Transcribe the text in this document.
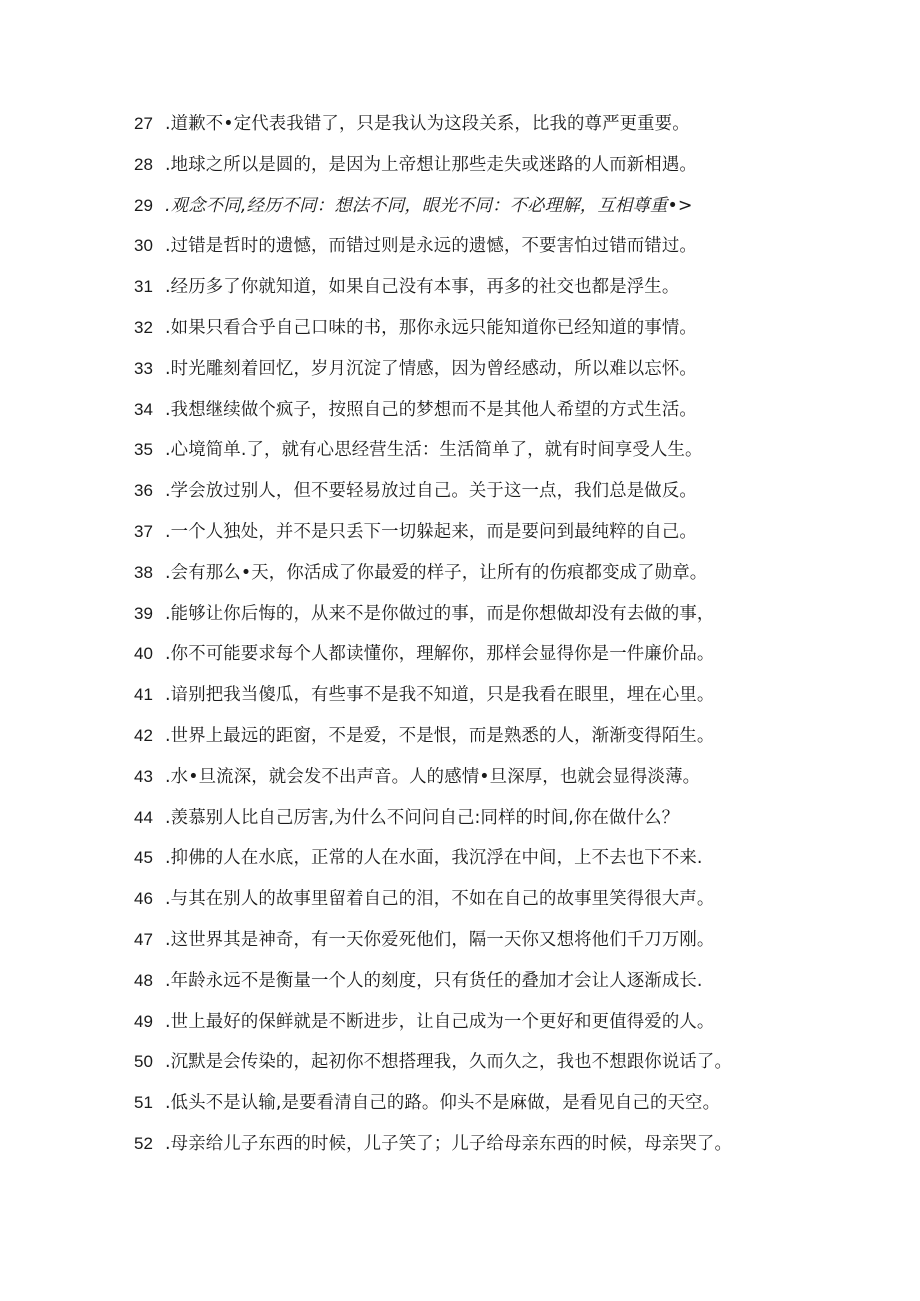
27 .道歉不•定代表我错了，只是我认为这段关系，比我的尊严更重要。
28 .地球之所以是圆的，是因为上帝想让那些走失或迷路的人而新相遇。
29 .观念不同,经历不同：想法不同，眼光不同：不必理解，互相尊重•>
30 .过错是哲时的遗憾，而错过则是永远的遗憾，不要害怕过错而错过。
31 .经历多了你就知道，如果自己没有本事，再多的社交也都是浮生。
32 .如果只看合乎自己口味的书，那你永远只能知道你已经知道的事情。
33 .时光雕刻着回忆，岁月沉淀了情感，因为曾经感动，所以难以忘怀。
34 .我想继续做个疯子，按照自己的梦想而不是其他人希望的方式生活。
35 .心境简单.了，就有心思经营生活：生活简单了，就有时间享受人生。
36 .学会放过别人，但不要轻易放过自己。关于这一点，我们总是做反。
37 .一个人独处，并不是只丢下一切躲起来，而是要问到最纯粹的自己。
38 .会有那么•天，你活成了你最爱的样子，让所有的伤痕都变成了勋章。
39 .能够让你后悔的，从来不是你做过的事，而是你想做却没有去做的事，
40 .你不可能要求每个人都读懂你，理解你，那样会显得你是一件廉价品。
41 .谙别把我当傻瓜，有些事不是我不知道，只是我看在眼里，埋在心里。
42 .世界上最远的距窗，不是爱，不是恨，而是熟悉的人，渐渐变得陌生。
43 .水•旦流深，就会发不出声音。人的感情•旦深厚，也就会显得淡薄。
44 .羡慕别人比自己厉害,为什么不问问自己:同样的时间,你在做什么？
45 .抑佛的人在水底，正常的人在水面，我沉浮在中间，上不去也下不来.
46 .与其在别人的故事里留着自己的泪，不如在自己的故事里笑得很大声。
47 .这世界其是神奇，有一天你爱死他们，隔一天你又想将他们千刀万刚。
48 .年龄永远不是衡量一个人的刻度，只有货任的叠加才会让人逐渐成长.
49 .世上最好的保鲜就是不断进步，让自己成为一个更好和更值得爱的人。
50 .沉默是会传染的，起初你不想搭理我，久而久之，我也不想跟你说话了。
51 .低头不是认输,是要看清自己的路。仰头不是麻做，是看见自己的天空。
52 .母亲给儿子东西的时候，儿子笑了；儿子给母亲东西的时候，母亲哭了。
